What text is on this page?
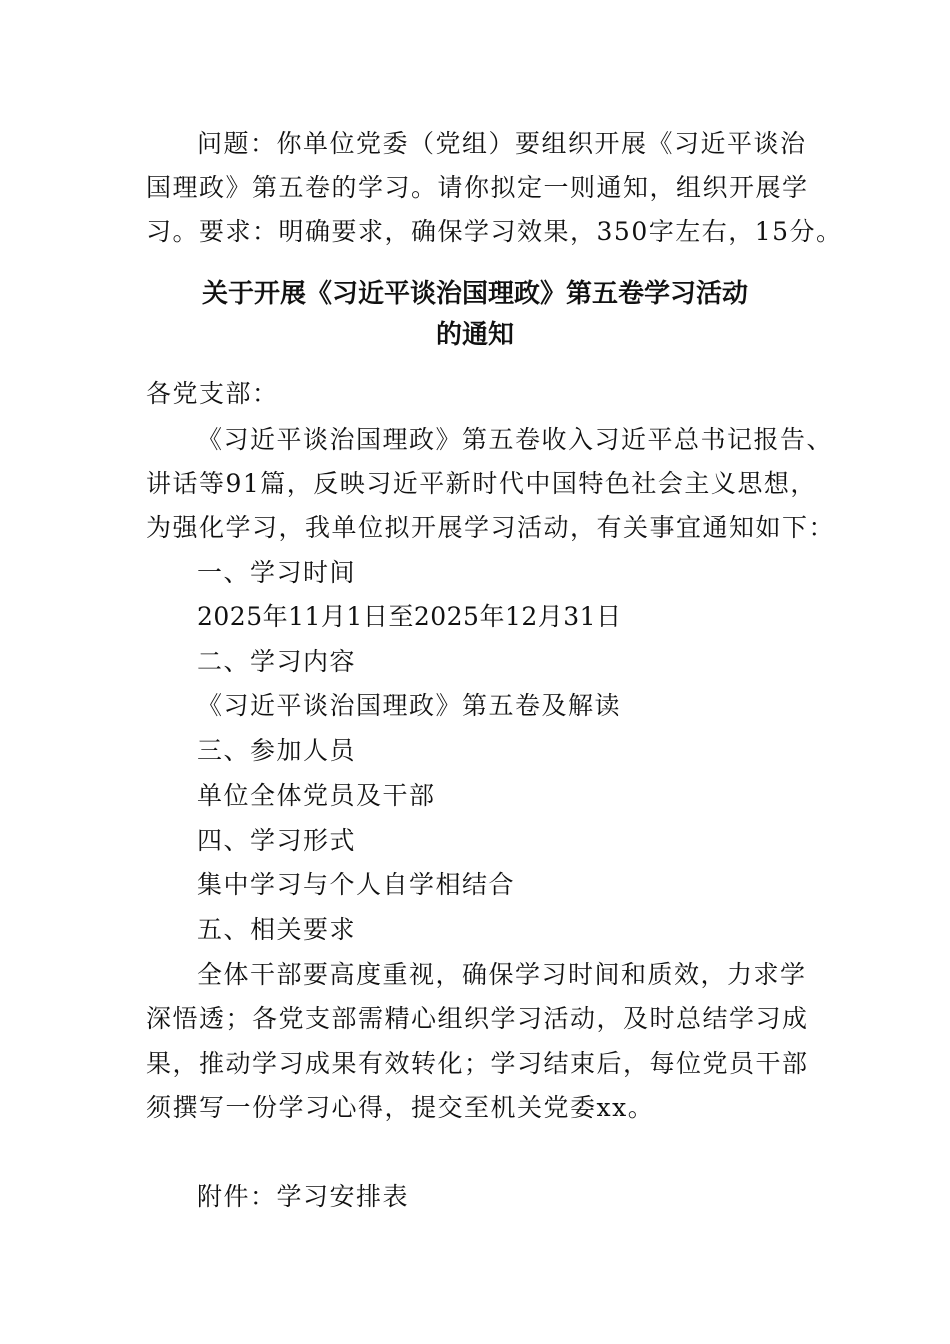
问题：你单位党委（党组）要组织开展《习近平谈治
国理政》第五卷的学习。请你拟定一则通知，组织开展学
习。要求：明确要求，确保学习效果，350字左右，15分。
关于开展《习近平谈治国理政》第五卷学习活动
的通知
各党支部：
《习近平谈治国理政》第五卷收入习近平总书记报告、
讲话等91篇，反映习近平新时代中国特色社会主义思想，
为强化学习，我单位拟开展学习活动，有关事宜通知如下：
一、学习时间
2025年11月1日至2025年12月31日
二、学习内容
《习近平谈治国理政》第五卷及解读
三、参加人员
单位全体党员及干部
四、学习形式
集中学习与个人自学相结合
五、相关要求
全体干部要高度重视，确保学习时间和质效，力求学
深悟透；各党支部需精心组织学习活动，及时总结学习成
果，推动学习成果有效转化；学习结束后，每位党员干部
须撰写一份学习心得，提交至机关党委xx。
附件：学习安排表
